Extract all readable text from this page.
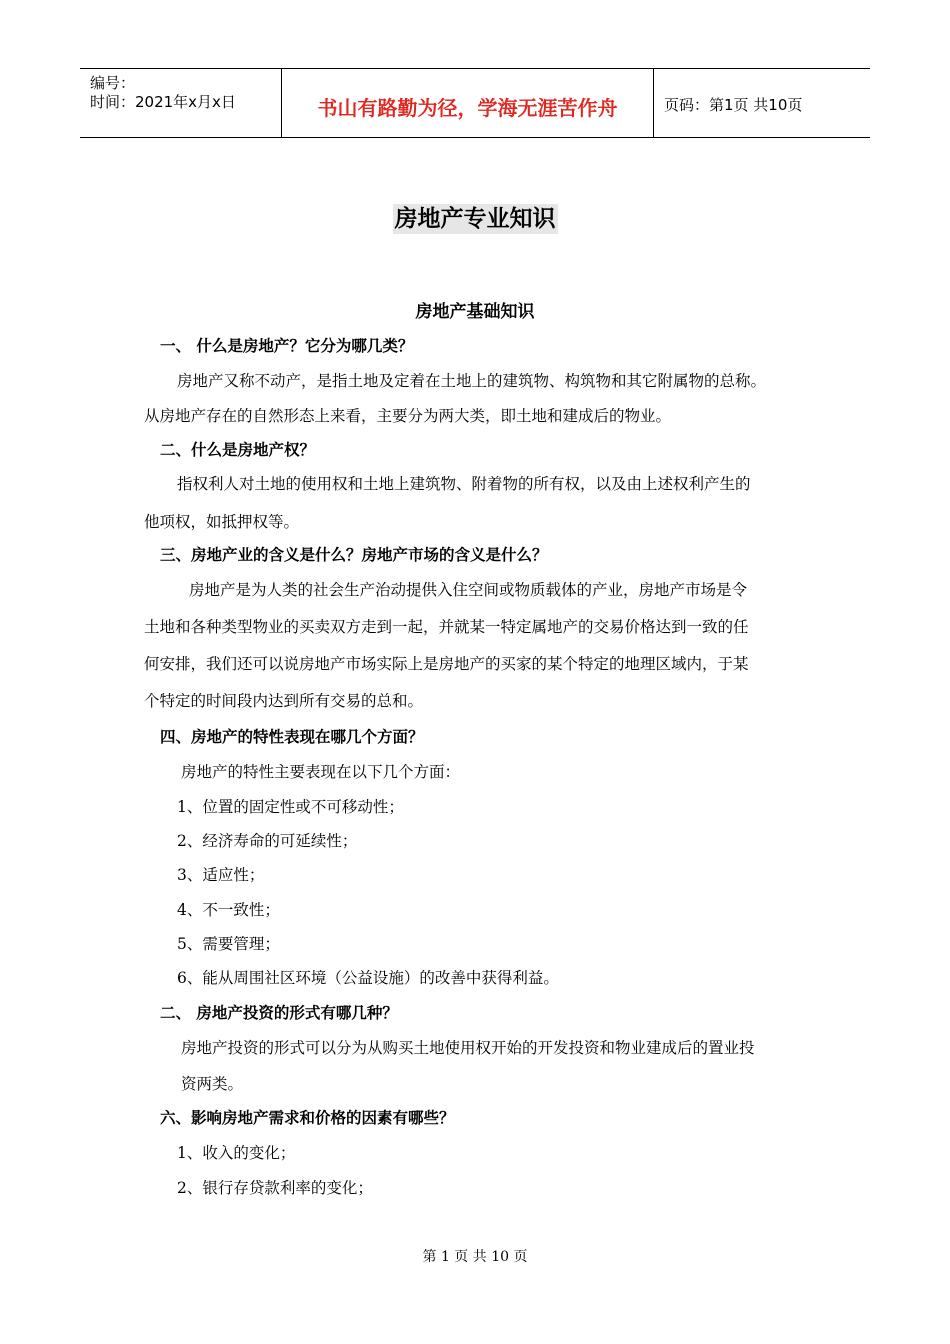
编号：
时间：2021年x月x日	书山有路勤为径，学海无涯苦作舟	页码：第1页 共10页
房地产专业知识
房地产基础知识
一、 什么是房地产？它分为哪几类？
房地产又称不动产，是指土地及定着在土地上的建筑物、构筑物和其它附属物的总称。
从房地产存在的自然形态上来看，主要分为两大类，即土地和建成后的物业。
二、什么是房地产权？
指权利人对土地的使用权和土地上建筑物、附着物的所有权，以及由上述权利产生的
他项权，如抵押权等。
三、房地产业的含义是什么？房地产市场的含义是什么？
房地产是为人类的社会生产治动提供入住空间或物质载体的产业，房地产市场是令
土地和各种类型物业的买卖双方走到一起，并就某一特定属地产的交易价格达到一致的任
何安排，我们还可以说房地产市场实际上是房地产的买家的某个特定的地理区域内，于某
个特定的时间段内达到所有交易的总和。
四、房地产的特性表现在哪几个方面？
房地产的特性主要表现在以下几个方面：
1、位置的固定性或不可移动性；
2、经济寿命的可延续性；
3、适应性；
4、不一致性；
5、需要管理；
6、能从周围社区环境（公益设施）的改善中获得利益。
二、 房地产投资的形式有哪几种？
房地产投资的形式可以分为从购买土地使用权开始的开发投资和物业建成后的置业投
资两类。
六、影响房地产需求和价格的因素有哪些？
1、收入的变化；
2、银行存贷款利率的变化；
第 1 页 共 10 页
